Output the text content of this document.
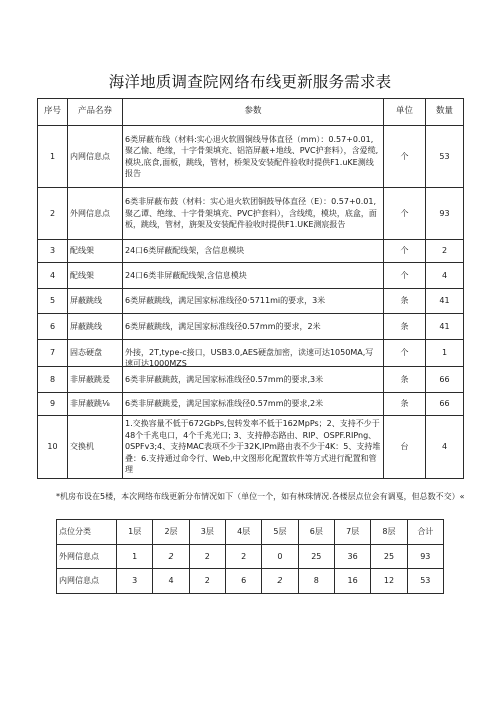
海洋地质调查院网络布线更新服务需求表
序号	产品名券	参数	单位	数量
1	内网信息点	6类屏蔽布线（材料:实心退火软圆铜线导体直径（mm）：0.57+0.01,聚乙愉、绝缘，十字骨架填充、铝箔屏蔽+地线、PVC护套料），含爱缆,模块,底食,面板，跳线，管材，桥架及安装配件验收时提供F1.uKE测线报告	个	53
2	外网信息点	6类非屏蔽布鼓（材料：实心退火软团铜鼓导体直径（E）：0.57+0.01,聚乙谭、绝缘、十字骨架填充、PVC护套料），含线缆，模块，底盒，面板，跳线，管材，旃架及安装配件验收时提供F1.UKE测宸报告	个	93
3	配线架	24口6类屏蔽配线架，含信息模块	个	2
4	配线架	24口6类非屏蔽配线架,含信息模块	个	4
5	屏蔽跳线	6类屏蔽跳线，满足国家标准线径0·5711mi的要求，3米	条	41
6	屏蔽跳线	6类屏蔽跳线，满足国家标准线径0.57mm的要求，2米	条	41
7	固态硬盘	外接，2T,type-c接口，USB3.0,AES硬盘加密，读速可达1050MA,写速可达1000MZS	个	1
8	非屏蔽跳爰	6类非屏蔽跳鼓，满足国家标准线径0.57mm的要求,3米	条	66
9	非屏蔽跳⅛	6类非屏蔽跳爰，满足国家标准线径0.57mm的要求,2米	条	66
10	交换机	1.交换容量不低于672GbPs,包转发率不低于162MpPs；2、支持不少于48个千兆电口，4个千兆光口; 3、支持静态路由、RIP、OSPF.RIPng、0SPFv3;4、支持MAC表项不少于32K,IPm路由表不少于4K：5、支持堆叠：6.支持通过命令行、Web,中文图形化配置软件等方式进行配置和管理	台	4
*机房布设在5楼，本次网络布线更新分布情况如下（单位一个，如有林珠情况.各楼层点位会有调戛，但总数不交）«
点位分类	1层	2层	3层	4层	5层	6层	7层	8层	合计
外网信息点	1	2	2	2	0	25	36	25	93
内网信息点	3	4	2	6	2	8	16	12	53
